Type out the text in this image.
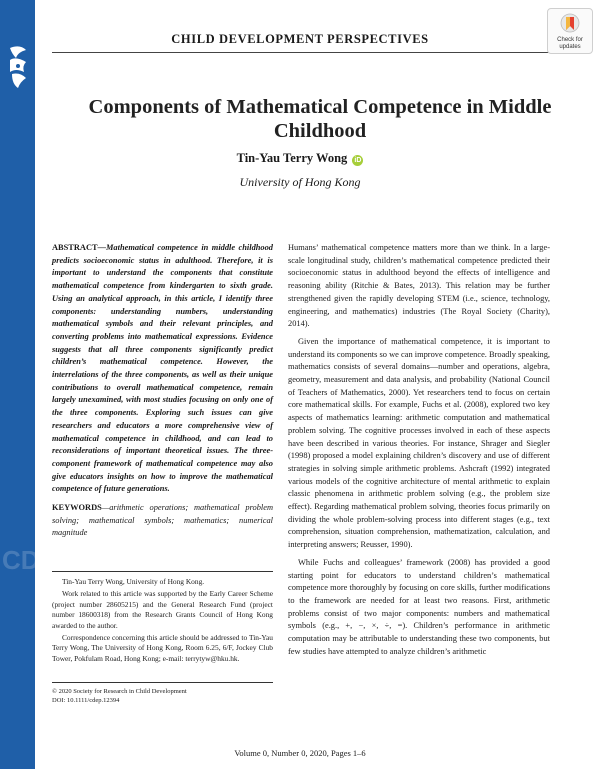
CDP
CHILD DEVELOPMENT PERSPECTIVES	Check for
updates
Components of Mathematical Competence in Middle
Childhood
Tin-Yau Terry Wong iD
University of Hong Kong

ABSTRACT—Mathematical competence in middle childhood predicts socioeconomic status in adulthood. Therefore, it is important to understand the components that constitute mathematical competence from kindergarten to sixth grade. Using an analytical approach, in this article, I identify three components: understanding numbers, understanding mathematical symbols and their relevant principles, and converting problems into mathematical expressions. Evidence suggests that all three components significantly predict children’s mathematical competence. However, the interrelations of the three components, as well as their unique contributions to overall mathematical competence, remain largely unexamined, with most studies focusing on only one of the three components. Exploring such issues can give researchers and educators a more comprehensive view of mathematical competence in childhood, and can lead to reconsiderations of important theoretical issues. The three-component framework of mathematical competence may also give educators insights on how to improve the mathematical competence of future generations.

KEYWORDS—arithmetic operations; mathematical problem solving; mathematical symbols; mathematics; numerical magnitude

Tin-Yau Terry Wong, University of Hong Kong.

Work related to this article was supported by the Early Career Scheme (project number 28605215) and the General Research Fund (project number 18600318) from the Research Grants Council of Hong Kong awarded to the author.

Correspondence concerning this article should be addressed to Tin-Yau Terry Wong, The University of Hong Kong, Room 6.25, 6/F, Jockey Club Tower, Pokfulam Road, Hong Kong; e-mail: terrytyw@hku.hk.

© 2020 Society for Research in Child Development
DOI: 10.1111/cdep.12394

Humans’ mathematical competence matters more than we think. In a large-scale longitudinal study, children’s mathematical competence predicted their socioeconomic status in adulthood beyond the effects of intelligence and reasoning ability (Ritchie & Bates, 2013). This relation may be further strengthened given the rapidly developing STEM (i.e., science, technology, engineering, and mathematics) industries (The Royal Society (Charity), 2014).

Given the importance of mathematical competence, it is important to understand its components so we can improve competence. Broadly speaking, mathematics consists of several domains—number and operations, algebra, geometry, measurement and data analysis, and probability (National Council of Teachers of Mathematics, 2000). Yet researchers tend to focus on certain core mathematical skills. For example, Fuchs et al. (2008), explored two key aspects of mathematics learning: arithmetic computation and mathematical problem solving. The cognitive processes involved in each of these aspects have been described in various theories. For instance, Shrager and Siegler (1998) proposed a model explaining children’s discovery and use of different strategies in solving simple arithmetic problems. Ashcraft (1992) integrated various models of the cognitive architecture of mental arithmetic to explain classic phenomena in arithmetic problem solving (e.g., the problem size effect). Regarding mathematical problem solving, theories focus primarily on dividing the whole problem-solving process into different stages (e.g., text comprehension, situation comprehension, mathematization, calculation, and interpreting answers; Reusser, 1990).

While Fuchs and colleagues’ framework (2008) has provided a good starting point for educators to understand children’s mathematical competence more thoroughly by focusing on core skills, further modifications to the framework are needed for at least two reasons. First, arithmetic problems consist of two major components: numbers and mathematical symbols (e.g., +, −, ×, ÷, =). Children’s performance in arithmetic computation may be attributable to understanding these two components, but few studies have attempted to analyze children’s arithmetic

Volume 0, Number 0, 2020, Pages 1–6
